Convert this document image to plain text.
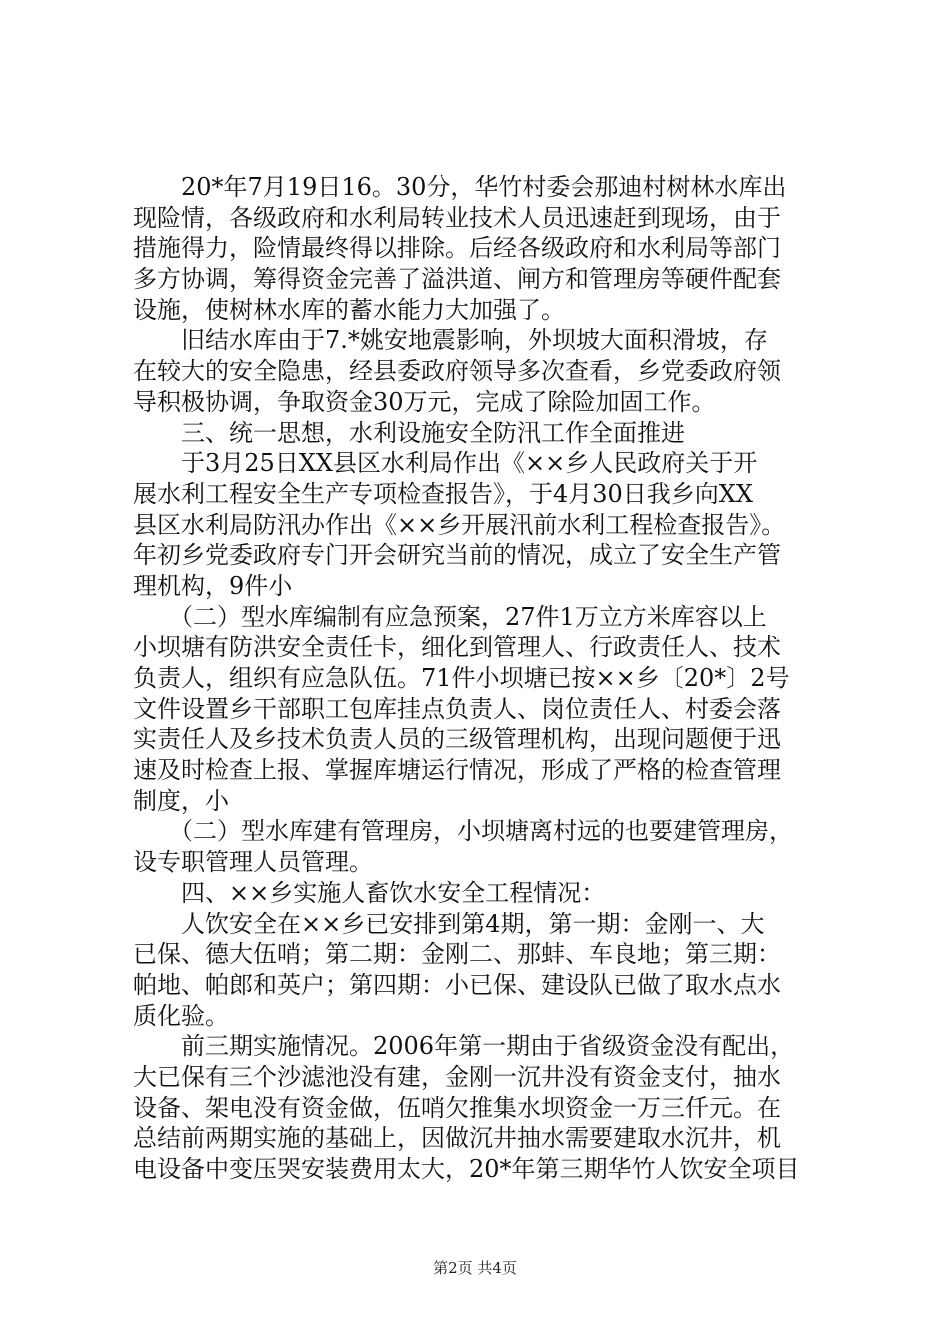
　　20*年7月19日16。30分，华竹村委会那迪村树林水库出
现险情，各级政府和水利局转业技术人员迅速赶到现场，由于
措施得力，险情最终得以排除。后经各级政府和水利局等部门
多方协调，筹得资金完善了溢洪道、闸方和管理房等硬件配套
设施，使树林水库的蓄水能力大加强了。
　　旧结水库由于7.*姚安地震影响，外坝坡大面积滑坡，存
在较大的安全隐患，经县委政府领导多次查看，乡党委政府领
导积极协调，争取资金30万元，完成了除险加固工作。
　　三、统一思想，水利设施安全防汛工作全面推进
　　于3月25日XX县区水利局作出《××乡人民政府关于开
展水利工程安全生产专项检查报告》，于4月30日我乡向XX
县区水利局防汛办作出《××乡开展汛前水利工程检查报告》。
年初乡党委政府专门开会研究当前的情况，成立了安全生产管
理机构，9件小
　　（二）型水库编制有应急预案，27件1万立方米库容以上
小坝塘有防洪安全责任卡，细化到管理人、行政责任人、技术
负责人，组织有应急队伍。71件小坝塘已按××乡〔20*〕2号
文件设置乡干部职工包库挂点负责人、岗位责任人、村委会落
实责任人及乡技术负责人员的三级管理机构，出现问题便于迅
速及时检查上报、掌握库塘运行情况，形成了严格的检查管理
制度，小
　　（二）型水库建有管理房，小坝塘离村远的也要建管理房，
设专职管理人员管理。
　　四、××乡实施人畜饮水安全工程情况：
　　人饮安全在××乡已安排到第4期，第一期：金刚一、大
已保、德大伍哨；第二期：金刚二、那蚌、车良地；第三期：
帕地、帕郎和英户；第四期：小已保、建设队已做了取水点水
质化验。
　　前三期实施情况。2006年第一期由于省级资金没有配出，
大已保有三个沙滤池没有建，金刚一沉井没有资金支付，抽水
设备、架电没有资金做，伍哨欠推集水坝资金一万三仟元。在
总结前两期实施的基础上，因做沉井抽水需要建取水沉井，机
电设备中变压哭安装费用太大，20*年第三期华竹人饮安全项目
第2页 共4页
